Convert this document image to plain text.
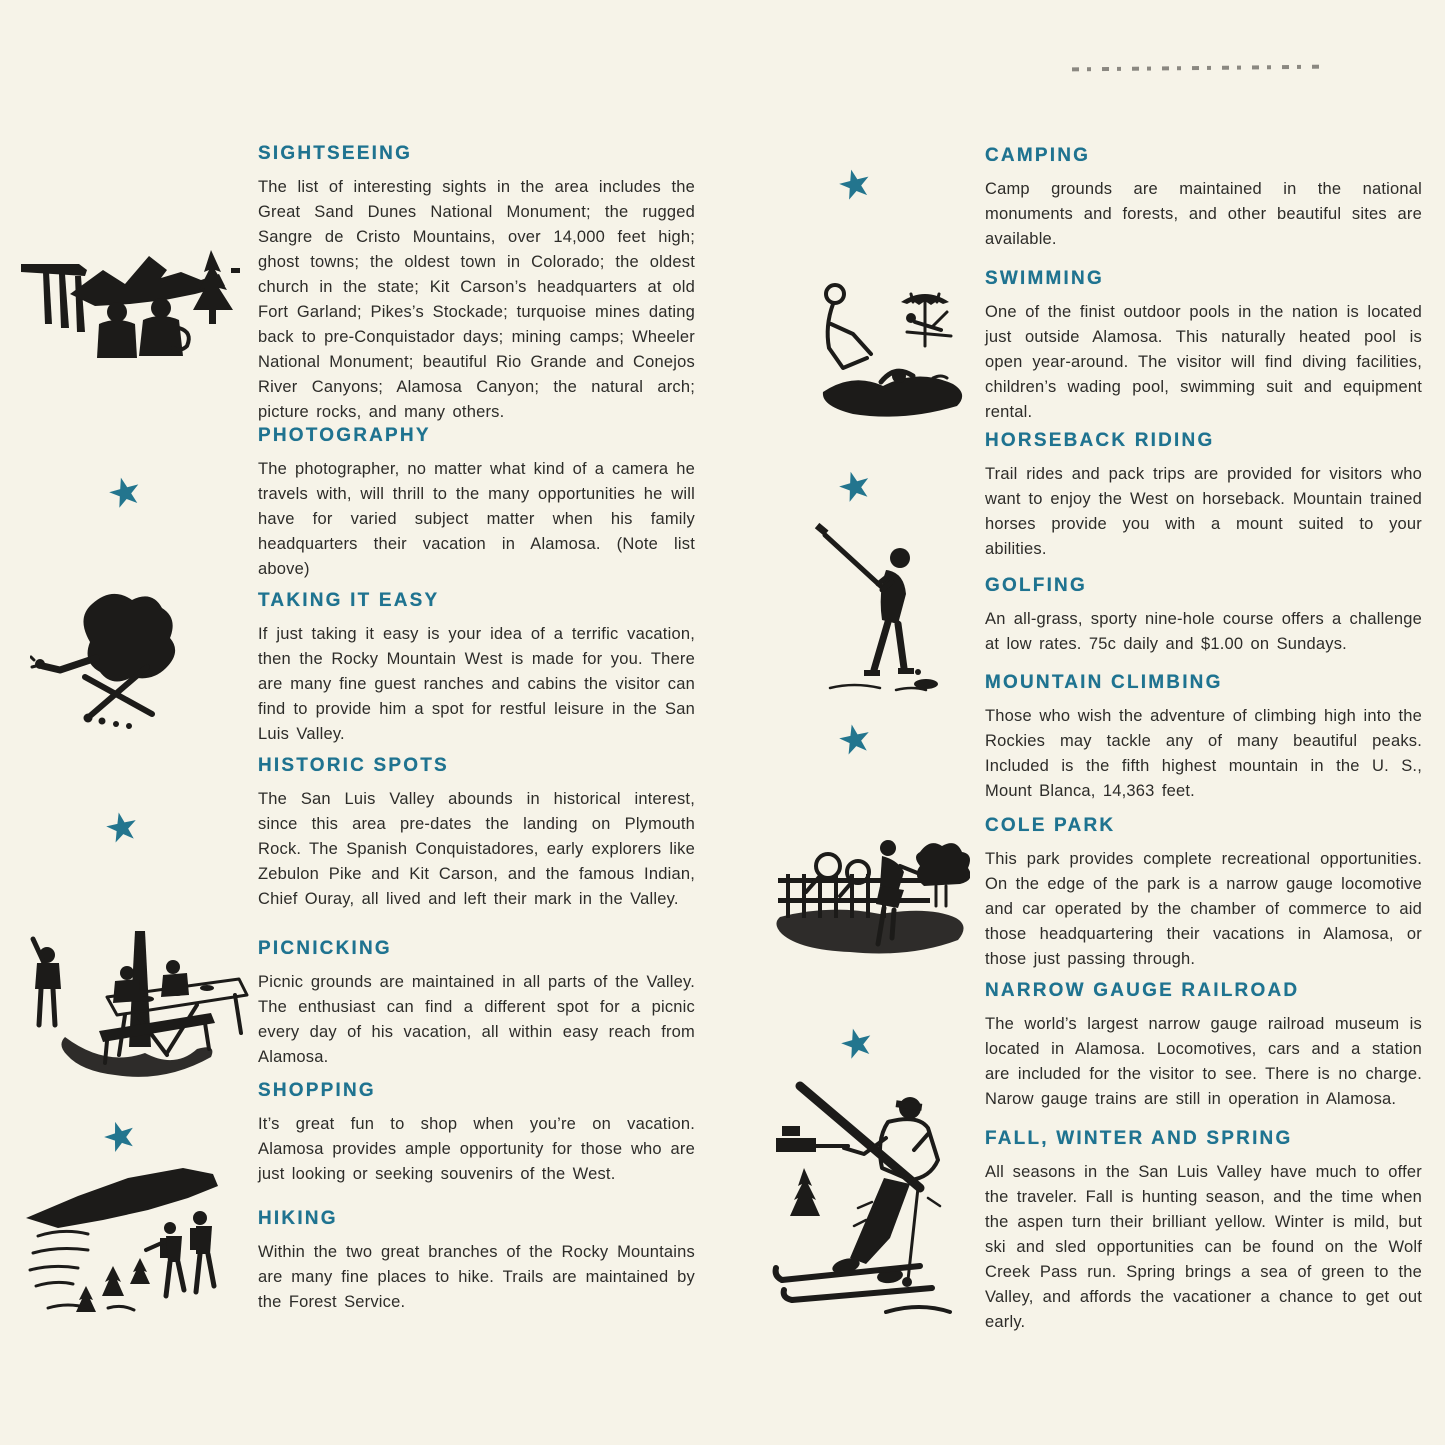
SIGHTSEEING

The list of interesting sights in the area includes the Great Sand Dunes National Monument; the rugged Sangre de Cristo Mountains, over 14,000 feet high; ghost towns; the oldest town in Colorado; the oldest church in the state; Kit Carson’s headquarters at old Fort Garland; Pikes’s Stockade; turquoise mines dating back to pre-Conquistador days; mining camps; Wheeler National Monument; beautiful Rio Grande and Conejos River Canyons; Alamosa Canyon; the natural arch; picture rocks, and many others.

PHOTOGRAPHY

The photographer, no matter what kind of a camera he travels with, will thrill to the many opportunities he will have for varied subject matter when his family headquarters their vacation in Alamosa. (Note list above)

TAKING IT EASY

If just taking it easy is your idea of a terrific vacation, then the Rocky Mountain West is made for you. There are many fine guest ranches and cabins the visitor can find to provide him a spot for restful leisure in the San Luis Valley.

HISTORIC SPOTS

The San Luis Valley abounds in historical interest, since this area pre-dates the landing on Plymouth Rock. The Spanish Conquistadores, early explorers like Zebulon Pike and Kit Carson, and the famous Indian, Chief Ouray, all lived and left their mark in the Valley.

PICNICKING

Picnic grounds are maintained in all parts of the Valley. The enthusiast can find a different spot for a picnic every day of his vacation, all within easy reach from Alamosa.

SHOPPING

It’s great fun to shop when you’re on vacation. Alamosa provides ample opportunity for those who are just looking or seeking souvenirs of the West.

HIKING

Within the two great branches of the Rocky Mountains are many fine places to hike. Trails are maintained by the Forest Service.

CAMPING

Camp grounds are maintained in the national monuments and forests, and other beautiful sites are available.

SWIMMING

One of the finist outdoor pools in the nation is located just outside Alamosa. This naturally heated pool is open year-around. The visitor will find diving facilities, children’s wading pool, swimming suit and equipment rental.

HORSEBACK RIDING

Trail rides and pack trips are provided for visitors who want to enjoy the West on horseback. Mountain trained horses provide you with a mount suited to your abilities.

GOLFING

An all-grass, sporty nine-hole course offers a challenge at low rates. 75c daily and $1.00 on Sundays.

MOUNTAIN CLIMBING

Those who wish the adventure of climbing high into the Rockies may tackle any of many beautiful peaks. Included is the fifth highest mountain in the U. S., Mount Blanca, 14,363 feet.

COLE PARK

This park provides complete recreational opportunities. On the edge of the park is a narrow gauge locomotive and car operated by the chamber of commerce to aid those headquartering their vacations in Alamosa, or those just passing through.

NARROW GAUGE RAILROAD

The world’s largest narrow gauge railroad museum is located in Alamosa. Locomotives, cars and a station are included for the visitor to see. There is no charge. Narow gauge trains are still in operation in Alamosa.

FALL, WINTER AND SPRING

All seasons in the San Luis Valley have much to offer the traveler. Fall is hunting season, and the time when the aspen turn their brilliant yellow. Winter is mild, but ski and sled opportunities can be found on the Wolf Creek Pass run. Spring brings a sea of green to the Valley, and affords the vacationer a chance to get out early.
